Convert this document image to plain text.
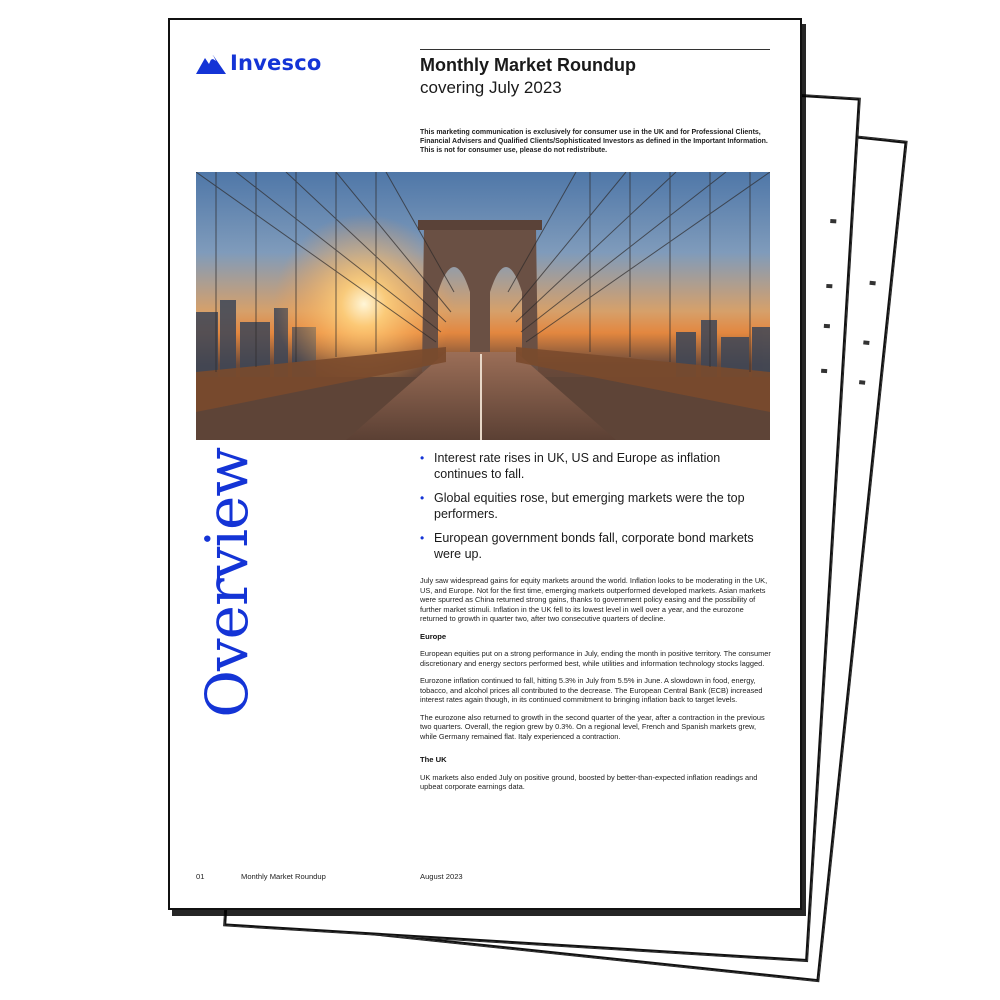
Invesco	Monthly Market Roundup
covering July 2023
This marketing communication is exclusively for consumer use in the UK and for Professional Clients, Financial Advisers and Qualified Clients/Sophisticated Investors as defined in the Important Information. This is not for consumer use, please do not redistribute.
Overview	• Interest rate rises in UK, US and Europe as inflation continues to fall.
• Global equities rose, but emerging markets were the top performers.
• European government bonds fall, corporate bond markets were up.

July saw widespread gains for equity markets around the world. Inflation looks to be moderating in the UK, US, and Europe. Not for the first time, emerging markets outperformed developed markets. Asian markets were spurred as China returned strong gains, thanks to government policy easing and the possibility of further market stimuli. Inflation in the UK fell to its lowest level in well over a year, and the eurozone returned to growth in quarter two, after two consecutive quarters of decline.

Europe

European equities put on a strong performance in July, ending the month in positive territory. The consumer discretionary and energy sectors performed best, while utilities and information technology stocks lagged.

Eurozone inflation continued to fall, hitting 5.3% in July from 5.5% in June. A slowdown in food, energy, tobacco, and alcohol prices all contributed to the decrease. The European Central Bank (ECB) increased interest rates again though, in its continued commitment to bringing inflation back to target levels.

The eurozone also returned to growth in the second quarter of the year, after a contraction in the previous two quarters. Overall, the region grew by 0.3%. On a regional level, French and Spanish markets grew, while Germany remained flat. Italy experienced a contraction.

The UK

UK markets also ended July on positive ground, boosted by better-than-expected inflation readings and upbeat corporate earnings data.

01	Monthly Market Roundup	August 2023
